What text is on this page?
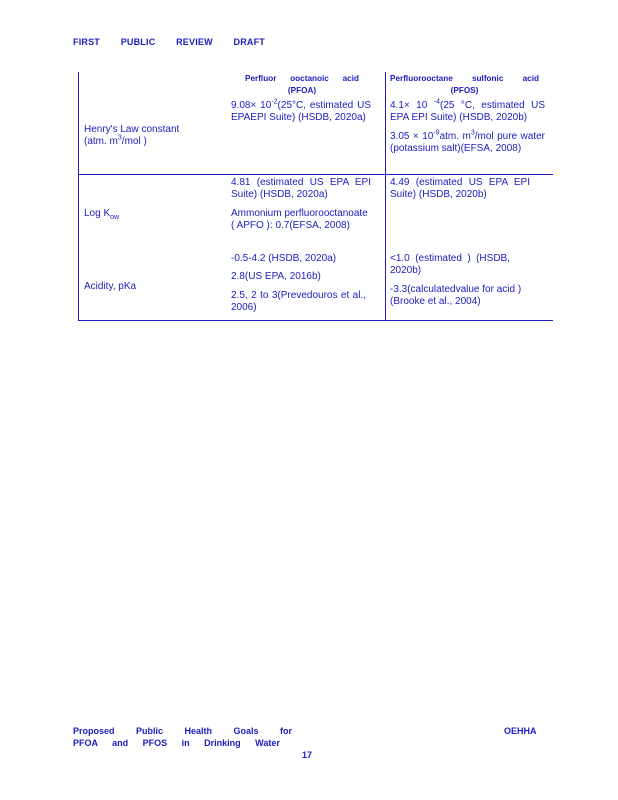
FIRST PUBLIC REVIEW DRAFT
Perfluor ooctanoic acid
(PFOA)
Perfluorooctane sulfonic acid
(PFOS)
Henry's Law constant
(atm. $m^3$/mol )
$9.08\times 10^{-2}(25^\circ C$, estimated US EPAEPI Suite) (HSDB, 2020a)
4.1× 10 $^{-4}$(25 °C, estimated US EPA EPI Suite) (HSDB, 2020b)
$3.05 \times 10^{-9}atm$. $m^3$/mol pure water (potassium salt)(EFSA, 2008)
Log $K_{ow}$
4.81 (estimated US EPA EPI Suite) (HSDB, 2020a)
Ammonium perfluorooctanoate ( APFO ): 0.7(EFSA, 2008)
4.49 (estimated US EPA EPI Suite) (HSDB, 2020b)
Acidity, pKa
-0.5-4.2 (HSDB, 2020a)
2.8(US EPA, 2016b)
2.5, 2 to 3(Prevedouros et al., 2006)
<1.0 (estimated ) (HSDB, 2020b)
-3.3(calculatedvalue for acid ) (Brooke et al., 2004)
Proposed Public Health Goals for
PFOA and PFOS in Drinking Water
OEHHA
17
